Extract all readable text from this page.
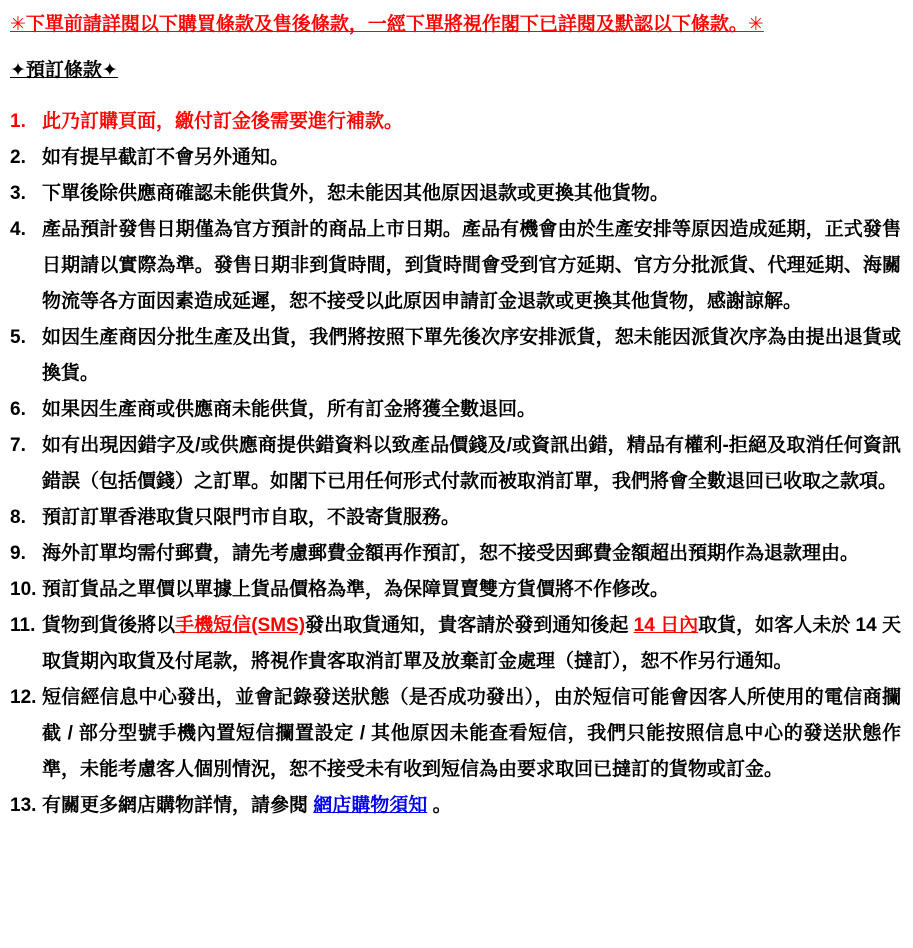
✳下單前請詳閱以下購買條款及售後條款，一經下單將視作閣下已詳閱及默認以下條款。✳
✦預訂條款✦
1. 此乃訂購頁面，繳付訂金後需要進行補款。
2. 如有提早截訂不會另外通知。
3. 下單後除供應商確認未能供貨外，恕未能因其他原因退款或更換其他貨物。
4. 產品預計發售日期僅為官方預計的商品上市日期。產品有機會由於生產安排等原因造成延期，正式發售日期請以實際為準。發售日期非到貨時間，到貨時間會受到官方延期、官方分批派貨、代理延期、海關物流等各方面因素造成延遲，恕不接受以此原因申請訂金退款或更換其他貨物，感謝諒解。
5. 如因生產商因分批生產及出貨，我們將按照下單先後次序安排派貨，恕未能因派貨次序為由提出退貨或換貨。
6. 如果因生產商或供應商未能供貨，所有訂金將獲全數退回。
7. 如有出現因錯字及/或供應商提供錯資料以致產品價錢及/或資訊出錯，精品有權利-拒絕及取消任何資訊錯誤（包括價錢）之訂單。如閣下已用任何形式付款而被取消訂單，我們將會全數退回已收取之款項。
8. 預訂訂單香港取貨只限門市自取，不設寄貨服務。
9. 海外訂單均需付郵費，請先考慮郵費金額再作預訂，恕不接受因郵費金額超出預期作為退款理由。
10. 預訂貨品之單價以單據上貨品價格為準，為保障買賣雙方貨價將不作修改。
11. 貨物到貨後將以手機短信(SMS)發出取貨通知，貴客請於發到通知後起 14 日內取貨，如客人未於 14 天取貨期內取貨及付尾款，將視作貴客取消訂單及放棄訂金處理（撻訂），恕不作另行通知。
12. 短信經信息中心發出，並會記錄發送狀態（是否成功發出），由於短信可能會因客人所使用的電信商攔截 / 部分型號手機內置短信攔置設定 / 其他原因未能查看短信，我們只能按照信息中心的發送狀態作準，未能考慮客人個別情況，恕不接受未有收到短信為由要求取回已撻訂的貨物或訂金。
13. 有關更多網店購物詳情，請參閱 網店購物須知 。
